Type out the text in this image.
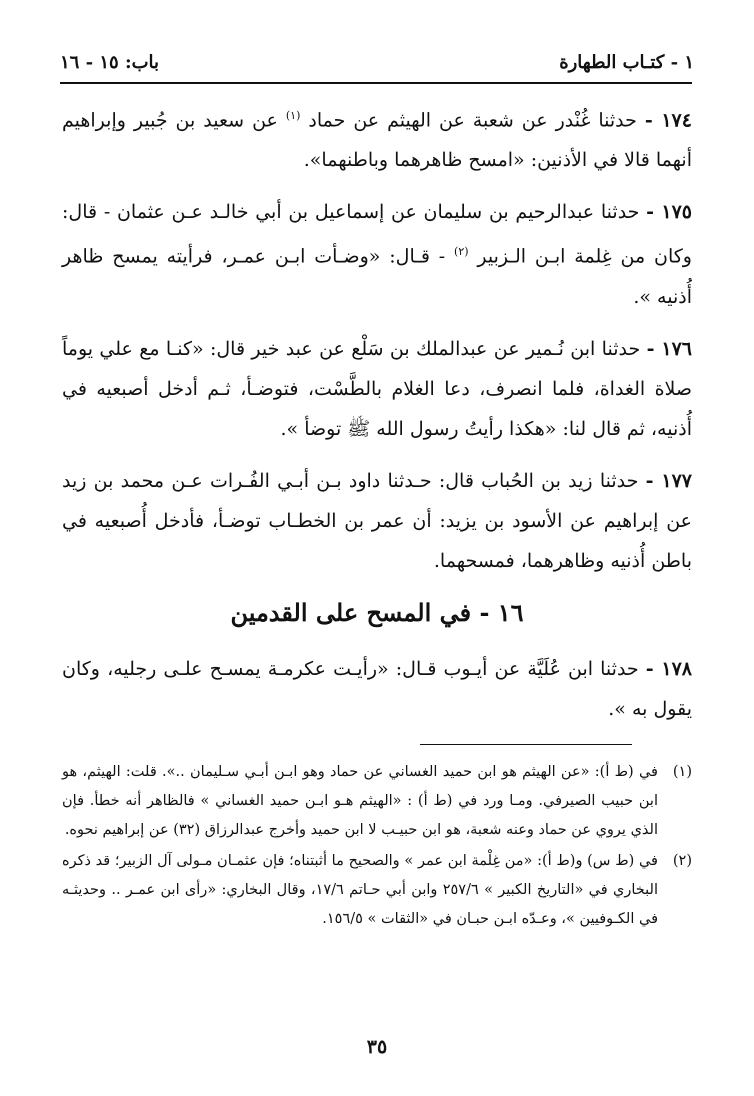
باب: ١٥ - ١٦	١ - كتـاب الطهارة

١٧٤ - حدثنا غُنْدر عن شعبة عن الهيثم عن حماد $^{(١)}$ عن سعيد بن جُبير وإبراهيم أنهما قالا في الأذنين: «امسح ظاهرهما وباطنهما».

١٧٥ - حدثنا عبدالرحيم بن سليمان عن إسماعيل بن أبي خالـد عـن عثمان - قال: وكان من غِلمة ابـن الـزبير $^{(٢)}$ - قـال: «وضـأت ابـن عمـر، فرأيته يمسح ظاهر أُذنيه ».

١٧٦ - حدثنا ابن نُـمير عن عبدالملك بن سَلْع عن عبد خير قال: «كنـا مع علي يوماً صلاة الغداة، فلما انصرف، دعا الغلام بالطَّسْت، فتوضـأ، ثـم أدخل أصبعيه في أُذنيه، ثم قال لنا: «هكذا رأيتُ رسول الله ﷺ توضأ ».

١٧٧ - حدثنا زيد بن الحُباب قال: حـدثنا داود بـن أبـي الفُـرات عـن محمد بن زيد عن إبراهيم عن الأسود بن يزيد: أن عمر بن الخطـاب توضـأ، فأدخل أُصبعيه في باطن أُذنيه وظاهرهما، فمسحهما.

١٦ - في المسح على القدمين

١٧٨ - حدثنا ابن عُلَيَّة عن أيـوب قـال: «رأيـت عكرمـة يمسـح علـى رجليه، وكان يقول به ».

(١)

في (ط أ): «عن الهيثم هو ابن حميد الغساني عن حماد وهو ابـن أبـي سـليمان ..». قلت: الهيثم، هو ابن حبيب الصيرفي. ومـا ورد في (ط أ) : «الهيثم هـو ابـن حميد الغساني » فالظاهر أنه خطأ. فإن الذي يروي عن حماد وعنه شعبة، هو ابن حبيـب لا ابن حميد وأخرج عبدالرزاق (٣٢) عن إبراهيم نحوه.

(٢)

في (ط س) و(ط أ): «من غِلْمة ابن عمر » والصحيح ما أثبتناه؛ فإن عثمـان مـولى آل الزبير؛ قد ذكره البخاري في «التاريخ الكبير » ٢٥٧/٦ وابن أبي حـاتم ١٧/٦، وقال البخاري: «رأى ابن عمـر .. وحديثـه في الكـوفيين »، وعـدّه ابـن حبـان في «الثقات » ١٥٦/٥.

٣٥
